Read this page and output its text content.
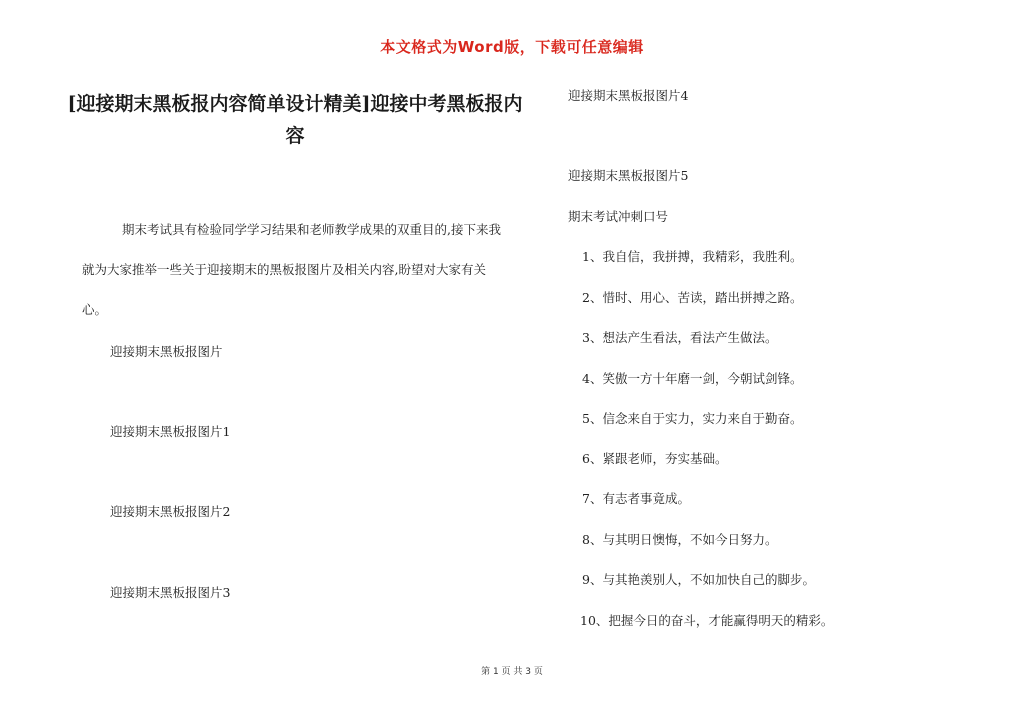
本文格式为Word版，下载可任意编辑
[迎接期末黑板报内容简单设计精美]迎接中考黑板报内容

期末考试具有检验同学学习结果和老师教学成果的双重目的,接下来我就为大家推举一些关于迎接期末的黑板报图片及相关内容,盼望对大家有关心。

迎接期末黑板报图片
迎接期末黑板报图片1
迎接期末黑板报图片2
迎接期末黑板报图片3
迎接期末黑板报图片4
迎接期末黑板报图片5
期末考试冲刺口号
1、我自信，我拼搏，我精彩，我胜利。
2、惜时、用心、苦读，踏出拼搏之路。
3、想法产生看法，看法产生做法。
4、笑傲一方十年磨一剑，今朝试剑锋。
5、信念来自于实力，实力来自于勤奋。
6、紧跟老师，夯实基础。
7、有志者事竟成。
8、与其明日懊悔，不如今日努力。
9、与其艳羡别人，不如加快自己的脚步。
10、把握今日的奋斗，才能赢得明天的精彩。
第 1 页 共 3 页
